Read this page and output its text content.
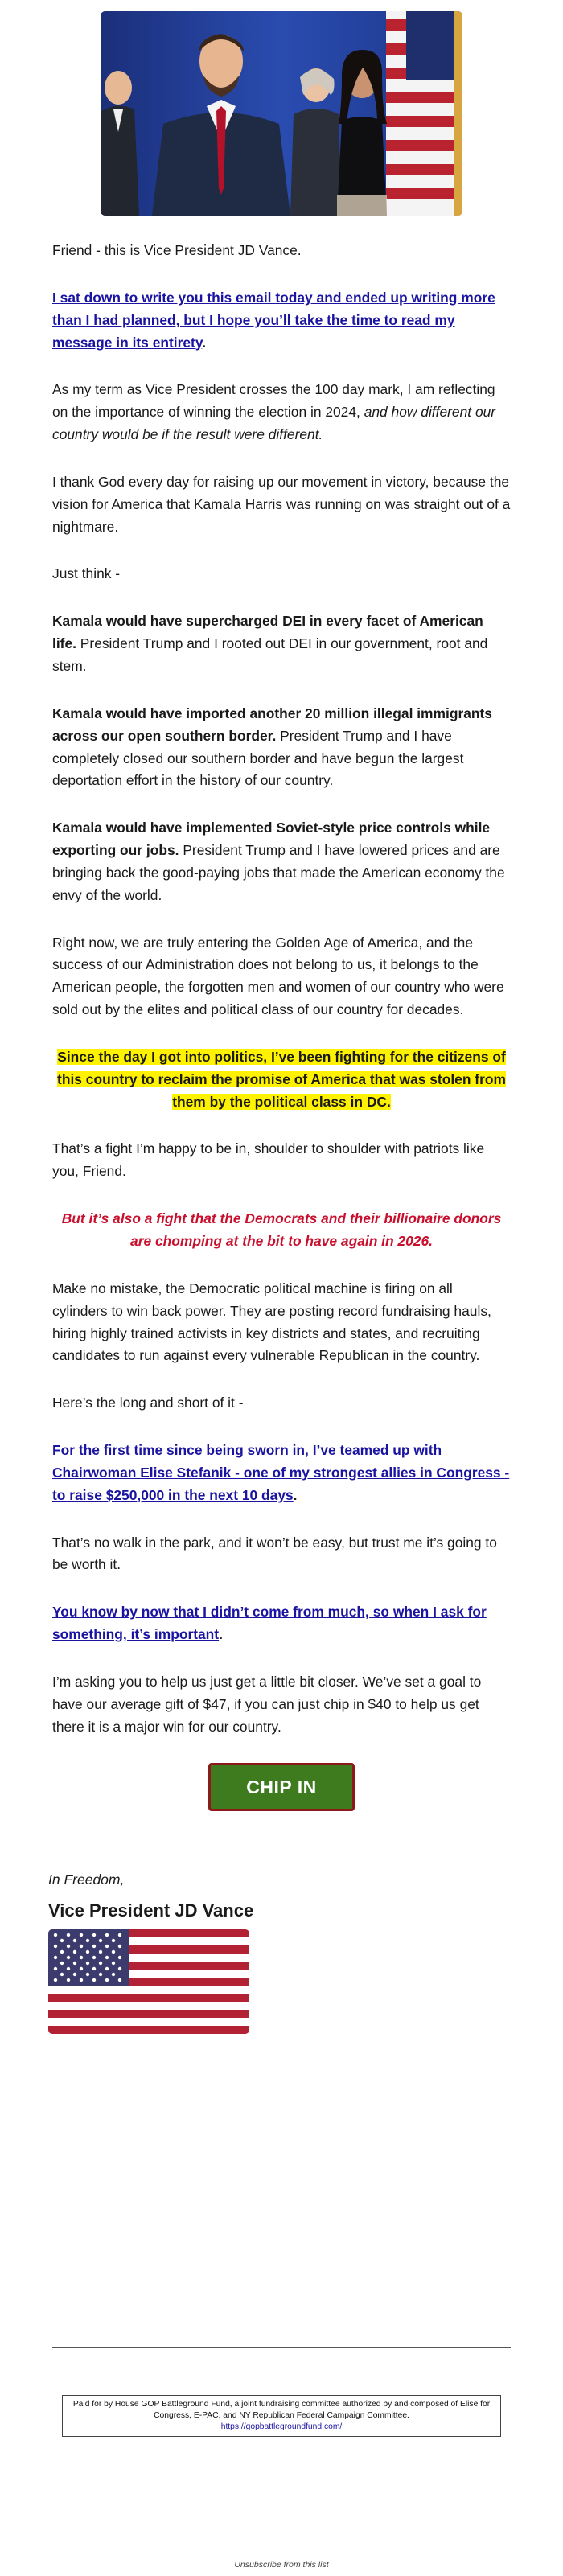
Friend - this is Vice President JD Vance.

I sat down to write you this email today and ended up writing more than I had planned, but I hope you’ll take the time to read my message in its entirety.

As my term as Vice President crosses the 100 day mark, I am reflecting on the importance of winning the election in 2024, and how different our country would be if the result were different.

I thank God every day for raising up our movement in victory, because the vision for America that Kamala Harris was running on was straight out of a nightmare.

Just think -

Kamala would have supercharged DEI in every facet of American life. President Trump and I rooted out DEI in our government, root and stem.

Kamala would have imported another 20 million illegal immigrants across our open southern border. President Trump and I have completely closed our southern border and have begun the largest deportation effort in the history of our country.

Kamala would have implemented Soviet-style price controls while exporting our jobs. President Trump and I have lowered prices and are bringing back the good-paying jobs that made the American economy the envy of the world.

Right now, we are truly entering the Golden Age of America, and the success of our Administration does not belong to us, it belongs to the American people, the forgotten men and women of our country who were sold out by the elites and political class of our country for decades.

Since the day I got into politics, I’ve been fighting for the citizens of this country to reclaim the promise of America that was stolen from them by the political class in DC.

That’s a fight I’m happy to be in, shoulder to shoulder with patriots like you, Friend.

But it’s also a fight that the Democrats and their billionaire donors are chomping at the bit to have again in 2026.

Make no mistake, the Democratic political machine is firing on all cylinders to win back power. They are posting record fundraising hauls, hiring highly trained activists in key districts and states, and recruiting candidates to run against every vulnerable Republican in the country.

Here’s the long and short of it -

For the first time since being sworn in, I’ve teamed up with Chairwoman Elise Stefanik - one of my strongest allies in Congress - to raise $250,000 in the next 10 days.

That’s no walk in the park, and it won’t be easy, but trust me it’s going to be worth it.

You know by now that I didn’t come from much, so when I ask for something, it’s important.

I’m asking you to help us just get a little bit closer. We’ve set a goal to have our average gift of $47, if you can just chip in $40 to help us get there it is a major win for our country.

CHIP IN

In Freedom,

Vice President JD Vance

Paid for by House GOP Battleground Fund, a joint fundraising committee authorized by and composed of Elise for Congress, E-PAC, and NY Republican Federal Campaign Committee.
https://gopbattlegroundfund.com/
Unsubscribe from this list
